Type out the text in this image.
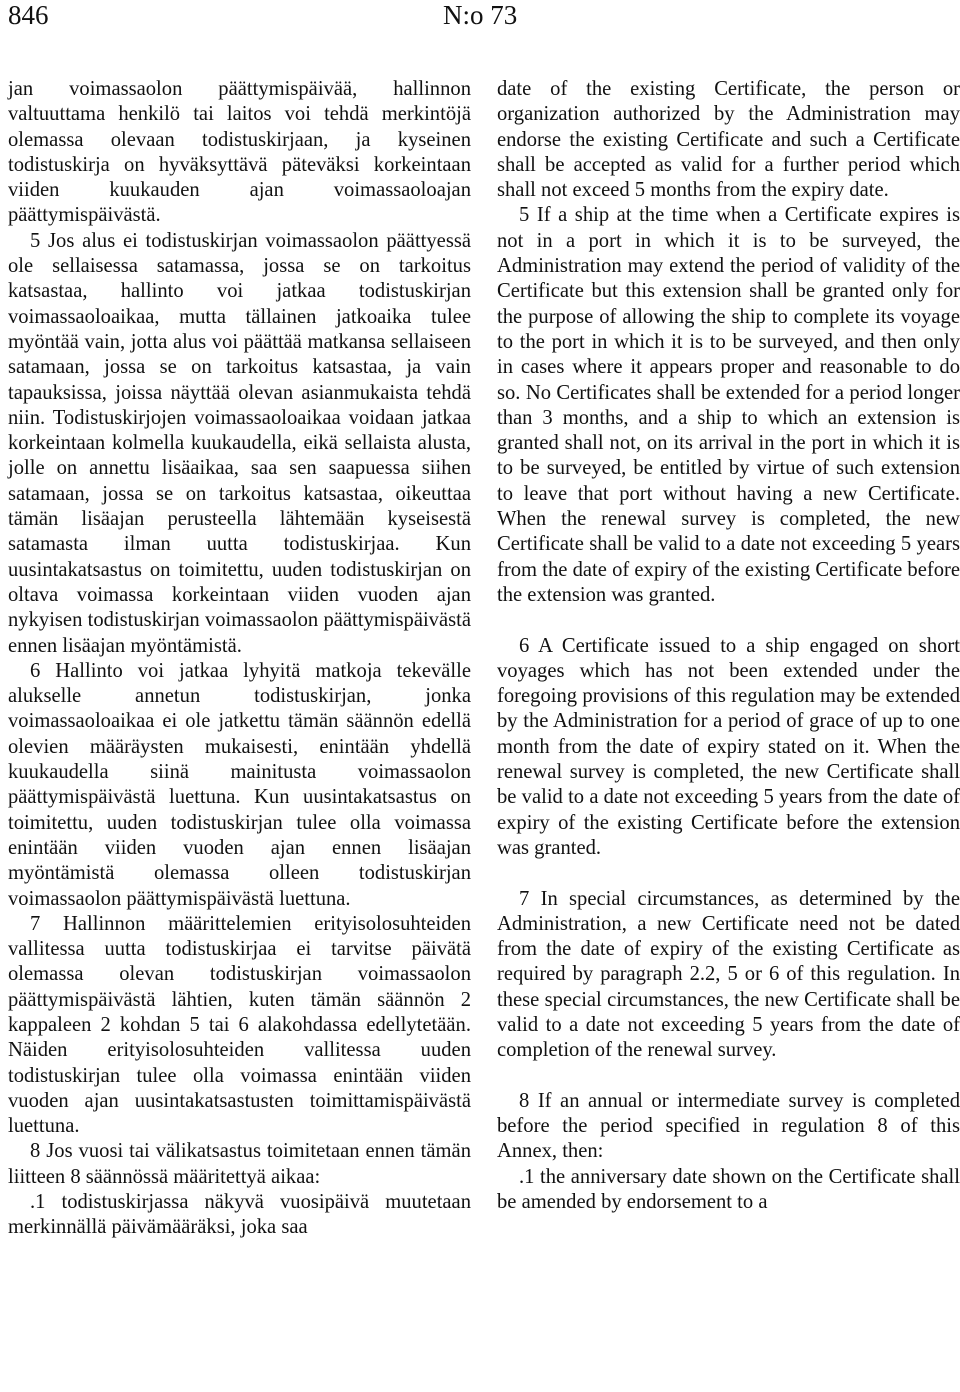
846	N:o 73

jan voimassaolon päättymispäivää, hallinnon valtuuttama henkilö tai laitos voi tehdä merkintöjä olemassa olevaan todistuskirjaan, ja kyseinen todistuskirja on hyväksyttävä päteväksi korkeintaan viiden kuukauden ajan voimassaoloajan päättymispäivästä.

5 Jos alus ei todistuskirjan voimassaolon päättyessä ole sellaisessa satamassa, jossa se on tarkoitus katsastaa, hallinto voi jatkaa todistuskirjan voimassaoloaikaa, mutta tällainen jatkoaika tulee myöntää vain, jotta alus voi päättää matkansa sellaiseen satamaan, jossa se on tarkoitus katsastaa, ja vain tapauksissa, joissa näyttää olevan asianmukaista tehdä niin. Todistuskirjojen voimassaoloaikaa voidaan jatkaa korkeintaan kolmella kuukaudella, eikä sellaista alusta, jolle on annettu lisäaikaa, saa sen saapuessa siihen satamaan, jossa se on tarkoitus katsastaa, oikeuttaa tämän lisäajan perusteella lähtemään kyseisestä satamasta ilman uutta todistuskirjaa. Kun uusintakatsastus on toimitettu, uuden todistuskirjan on oltava voimassa korkeintaan viiden vuoden ajan nykyisen todistuskirjan voimassaolon päättymispäivästä ennen lisäajan myöntämistä.

6 Hallinto voi jatkaa lyhyitä matkoja tekevälle alukselle annetun todistuskirjan, jonka voimassaoloaikaa ei ole jatkettu tämän säännön edellä olevien määräysten mukaisesti, enintään yhdellä kuukaudella siinä mainitusta voimassaolon päättymispäivästä luettuna. Kun uusintakatsastus on toimitettu, uuden todistuskirjan tulee olla voimassa enintään viiden vuoden ajan ennen lisäajan myöntämistä olemassa olleen todistuskirjan voimassaolon päättymispäivästä luettuna.

7 Hallinnon määrittelemien erityisolosuhteiden vallitessa uutta todistuskirjaa ei tarvitse päivätä olemassa olevan todistuskirjan voimassaolon päättymispäivästä lähtien, kuten tämän säännön 2 kappaleen 2 kohdan 5 tai 6 alakohdassa edellytetään. Näiden erityisolosuhteiden vallitessa uuden todistuskirjan tulee olla voimassa enintään viiden vuoden ajan uusintakatsastusten toimittamispäivästä luettuna.

8 Jos vuosi tai välikatsastus toimitetaan ennen tämän liitteen 8 säännössä määritettyä aikaa:

.1 todistuskirjassa näkyvä vuosipäivä muutetaan merkinnällä päivämääräksi, joka saa

date of the existing Certificate, the person or organization authorized by the Administration may endorse the existing Certificate and such a Certificate shall be accepted as valid for a further period which shall not exceed 5 months from the expiry date.

5 If a ship at the time when a Certificate expires is not in a port in which it is to be surveyed, the Administration may extend the period of validity of the Certificate but this extension shall be granted only for the purpose of allowing the ship to complete its voyage to the port in which it is to be surveyed, and then only in cases where it appears proper and reasonable to do so. No Certificates shall be extended for a period longer than 3 months, and a ship to which an extension is granted shall not, on its arrival in the port in which it is to be surveyed, be entitled by virtue of such extension to leave that port without having a new Certificate. When the renewal survey is completed, the new Certificate shall be valid to a date not exceeding 5 years from the date of expiry of the existing Certificate before the extension was granted.

6 A Certificate issued to a ship engaged on short voyages which has not been extended under the foregoing provisions of this regulation may be extended by the Administration for a period of grace of up to one month from the date of expiry stated on it. When the renewal survey is completed, the new Certificate shall be valid to a date not exceeding 5 years from the date of expiry of the existing Certificate before the extension was granted.

7 In special circumstances, as determined by the Administration, a new Certificate need not be dated from the date of expiry of the existing Certificate as required by paragraph 2.2, 5 or 6 of this regulation. In these special circumstances, the new Certificate shall be valid to a date not exceeding 5 years from the date of completion of the renewal survey.

8 If an annual or intermediate survey is completed before the period specified in regulation 8 of this Annex, then:

.1 the anniversary date shown on the Certificate shall be amended by endorsement to a
